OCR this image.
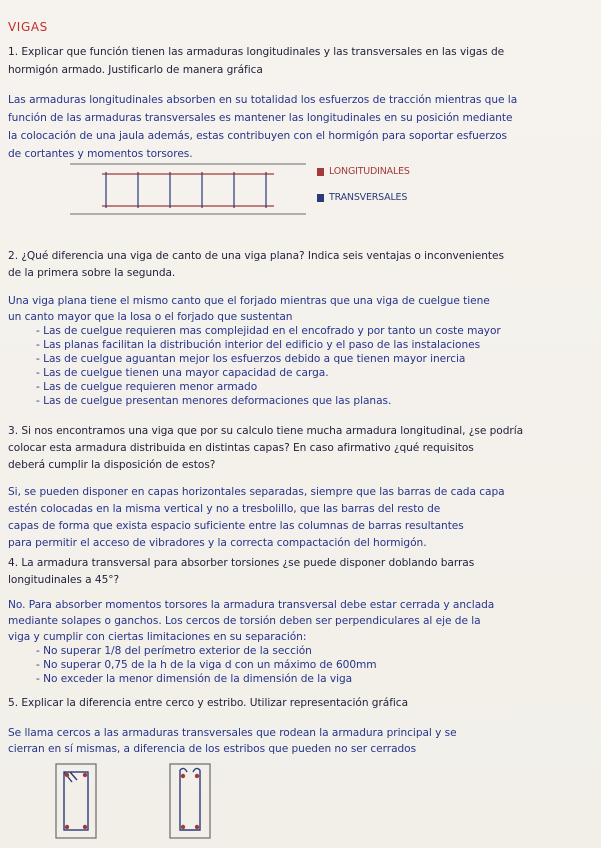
VIGAS
1. Explicar que función tienen las armaduras longitudinales y las transversales en las vigas de
hormigón armado. Justificarlo de manera gráfica
Las armaduras longitudinales absorben en su totalidad los esfuerzos de tracción mientras que la
función de las armaduras transversales es mantener las longitudinales en su posición mediante
la colocación de una jaula además, estas contribuyen con el hormigón para soportar esfuerzos
de cortantes y momentos torsores.
LONGITUDINALES
TRANSVERSALES
2. ¿Qué diferencia una viga de canto de una viga plana? Indica seis ventajas o inconvenientes
de la primera sobre la segunda.
Una viga plana tiene el mismo canto que el forjado mientras que una viga de cuelgue tiene
un canto mayor que la losa o el forjado que sustentan
- Las de cuelgue requieren mas complejidad en el encofrado y por tanto un coste mayor
- Las planas facilitan la distribución interior del edificio y el paso de las instalaciones
- Las de cuelgue aguantan mejor los esfuerzos debido a que tienen mayor inercia
- Las de cuelgue tienen una mayor capacidad de carga.
- Las de cuelgue requieren menor armado
- Las de cuelgue presentan menores deformaciones que las planas.
3. Si nos encontramos una viga que por su calculo tiene mucha armadura longitudinal, ¿se podría
colocar esta armadura distribuida en distintas capas? En caso afirmativo ¿qué requisitos
deberá cumplir la disposición de estos?
Si, se pueden disponer en capas horizontales separadas, siempre que las barras de cada capa
estén colocadas en la misma vertical y no a tresbolillo, que las barras del resto de
capas de forma que exista espacio suficiente entre las columnas de barras resultantes
para permitir el acceso de vibradores y la correcta compactación del hormigón.
4. La armadura transversal para absorber torsiones ¿se puede disponer doblando barras
longitudinales a 45°?
No. Para absorber momentos torsores la armadura transversal debe estar cerrada y anclada
mediante solapes o ganchos. Los cercos de torsión deben ser perpendiculares al eje de la
viga y cumplir con ciertas limitaciones en su separación:
- No superar 1/8 del perímetro exterior de la sección
- No superar 0,75 de la h de la viga d con un máximo de 600mm
- No exceder la menor dimensión de la dimensión de la viga
5. Explicar la diferencia entre cerco y estribo. Utilizar representación gráfica
Se llama cercos a las armaduras transversales que rodean la armadura principal y se
cierran en sí mismas, a diferencia de los estribos que pueden no ser cerrados
